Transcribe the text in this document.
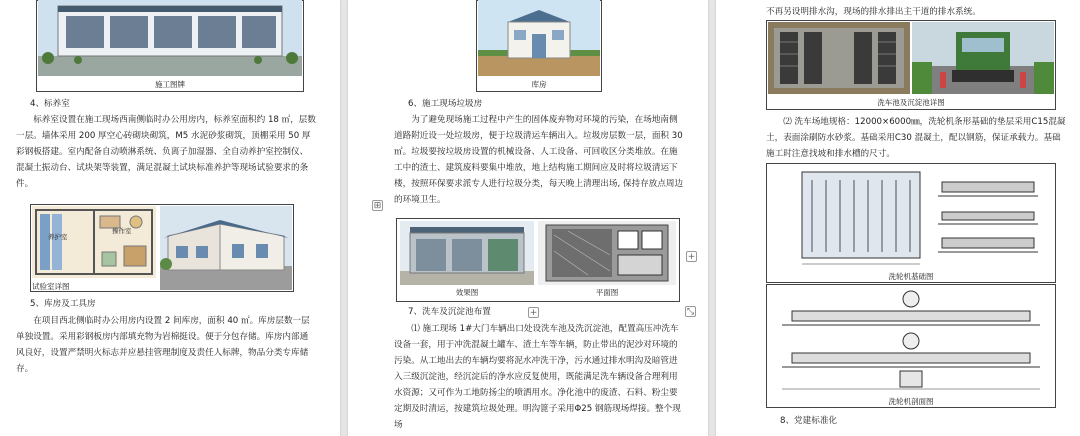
施工图牌
4、标养室

标养室设置在施工现场西南侧临时办公用房内，标养室面积约 18 ㎡，层数一层。墙体采用 200 厚空心砖砌块砌筑，M5 水泥砂浆砌筑，顶棚采用 50 厚彩钢板搭建。室内配备自动喷淋系统、负离子加湿器、全自动养护室控制仪、混凝土振动台、试块架等装置，满足混凝土试块标准养护等现场试验要求的条件。

养护室
操作室
试验室详图
5、库房及工具房

在项目西北侧临时办公用房内设置 2 间库房，面积 40 ㎡。库房层数一层单独设置。采用彩钢板房内部填充物为岩棉挺设。便于分包存储。库房内部通风良好，设置严禁明火标志并应悬挂管理制度及责任人标牌，物品分类专库储存。

库房
6、施工现场垃圾房

为了避免现场施工过程中产生的固体废弃物对环境的污染，在场地南侧道路附近设一处垃圾房，便于垃圾清运车辆出入。垃圾房层数一层，面积 30 ㎡。垃圾要按垃圾房设置的机械设备、人工设备、可回收区分类堆放。在施工中的渣土、建筑废料要集中堆放，地上结构施工期间应及时将垃圾清运下楼，按照环保要求派专人进行垃圾分类，每天晚上清理出场, 保持存放点周边的环境卫生。

⊞
效果图	平面图
+
+	⤡
7、洗车及沉淀池布置

⑴ 施工现场 1#大门车辆出口处设洗车池及洗沉淀池，配置高压冲洗车设备一套，用于冲洗混凝土罐车、渣土车等车辆，防止带出的泥沙对环境的污染。从工地出去的车辆均要将泥水冲洗干净，污水通过排水明沟及暗管进入三级沉淀池，经沉淀后的净水应反复使用，既能满足洗车辆设备合理利用水资源；又可作为工地防扬尘的喷洒用水。净化池中的废渣、石料、粉尘要定期及时清运，按建筑垃圾处理。明沟篦子采用Φ25 钢筋现场焊接。整个现场

不再另设明排水沟，现场的排水排出主干道的排水系统。

洗车池及沉淀池详图

⑵ 洗车场地规格：12000×6000㎜，洗轮机条形基础的垫层采用C15混凝土，表面涂刷防水砂浆。基础采用C30 混凝土，配以钢筋，保证承载力。基础施工时注意找坡和排水槽的尺寸。

洗轮机基础图
洗轮机剖面图
8、党建标准化
